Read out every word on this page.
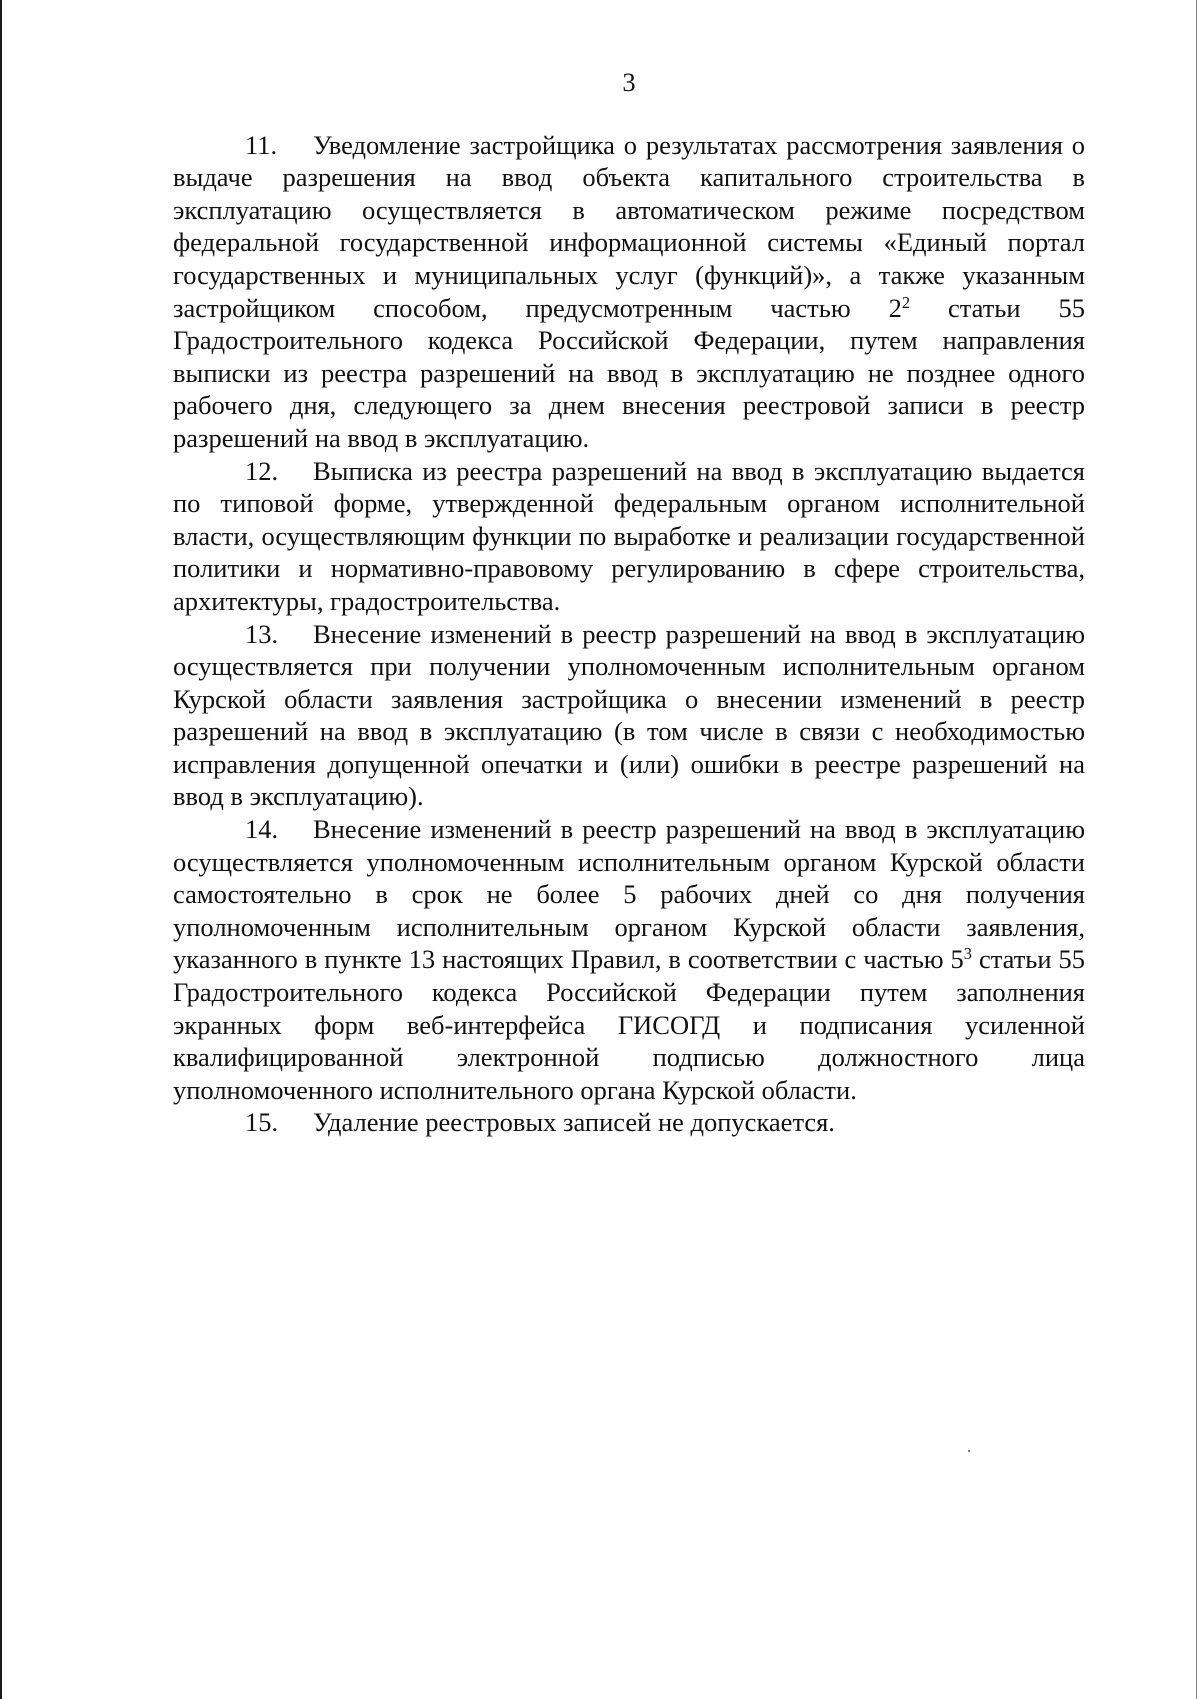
3

11. Уведомление застройщика о результатах рассмотрения заявления о выдаче разрешения на ввод объекта капитального строительства в эксплуатацию осуществляется в автоматическом режиме посредством федеральной государственной информационной системы «Единый портал государственных и муниципальных услуг (функций)», а также указанным застройщиком способом, предусмотренным частью $2^2$ статьи 55 Градостроительного кодекса Российской Федерации, путем направления выписки из реестра разрешений на ввод в эксплуатацию не позднее одного рабочего дня, следующего за днем внесения реестровой записи в реестр разрешений на ввод в эксплуатацию.

12. Выписка из реестра разрешений на ввод в эксплуатацию выдается по типовой форме, утвержденной федеральным органом исполнительной власти, осуществляющим функции по выработке и реализации государственной политики и нормативно-правовому регулированию в сфере строительства, архитектуры, градостроительства.

13. Внесение изменений в реестр разрешений на ввод в эксплуатацию осуществляется при получении уполномоченным исполнительным органом Курской области заявления застройщика о внесении изменений в реестр разрешений на ввод в эксплуатацию (в том числе в связи с необходимостью исправления допущенной опечатки и (или) ошибки в реестре разрешений на ввод в эксплуатацию).

14. Внесение изменений в реестр разрешений на ввод в эксплуатацию осуществляется уполномоченным исполнительным органом Курской области самостоятельно в срок не более 5 рабочих дней со дня получения уполномоченным исполнительным органом Курской области заявления, указанного в пункте 13 настоящих Правил, в соответствии с частью $5^3$ статьи 55 Градостроительного кодекса Российской Федерации путем заполнения экранных форм веб-интерфейса ГИСОГД и подписания усиленной квалифицированной электронной подписью должностного лица уполномоченного исполнительного органа Курской области.

15. Удаление реестровых записей не допускается.
